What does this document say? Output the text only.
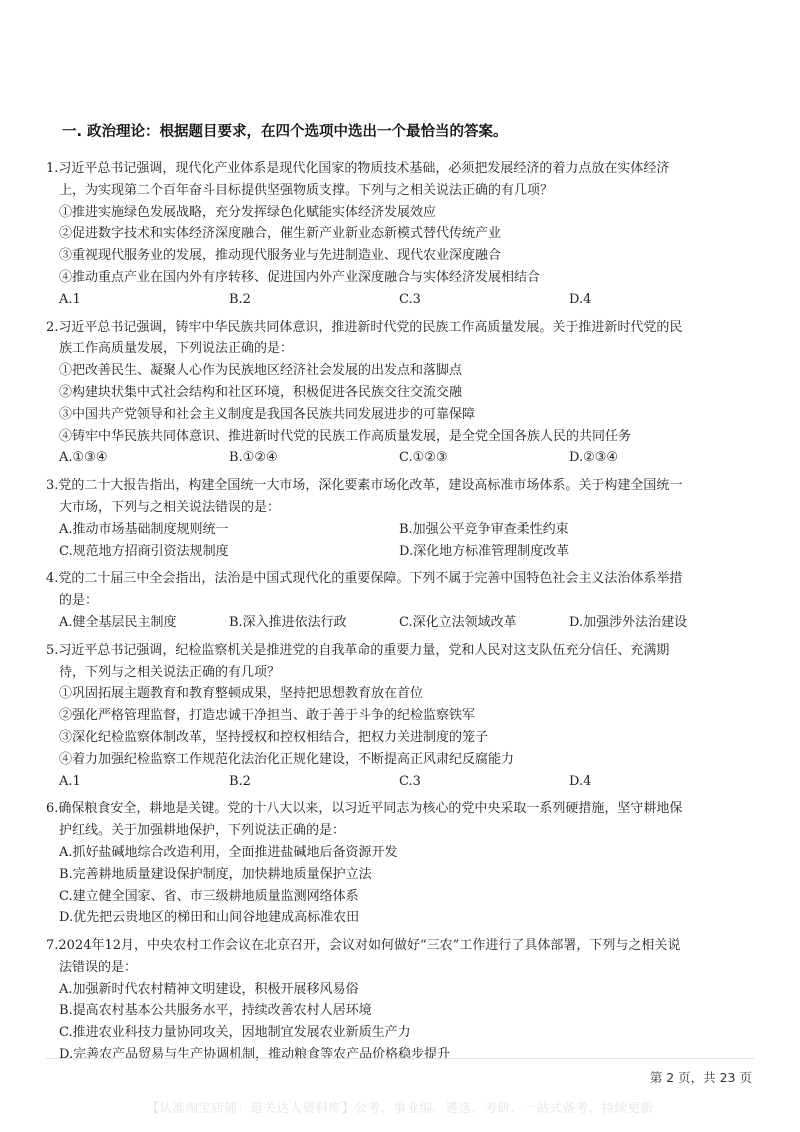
一. 政治理论：根据题目要求，在四个选项中选出一个最恰当的答案。
1.习近平总书记强调，现代化产业体系是现代化国家的物质技术基础，必须把发展经济的着力点放在实体经济
上，为实现第二个百年奋斗目标提供坚强物质支撑。下列与之相关说法正确的有几项？
①推进实施绿色发展战略，充分发挥绿色化赋能实体经济发展效应
②促进数字技术和实体经济深度融合，催生新产业新业态新模式替代传统产业
③重视现代服务业的发展，推动现代服务业与先进制造业、现代农业深度融合
④推动重点产业在国内外有序转移、促进国内外产业深度融合与实体经济发展相结合
A.1	B.2	C.3	D.4
2.习近平总书记强调，铸牢中华民族共同体意识，推进新时代党的民族工作高质量发展。关于推进新时代党的民
族工作高质量发展，下列说法正确的是：
①把改善民生、凝聚人心作为民族地区经济社会发展的出发点和落脚点
②构建块状集中式社会结构和社区环境，积极促进各民族交往交流交融
③中国共产党领导和社会主义制度是我国各民族共同发展进步的可靠保障
④铸牢中华民族共同体意识、推进新时代党的民族工作高质量发展，是全党全国各族人民的共同任务
A.①③④	B.①②④	C.①②③	D.②③④
3.党的二十大报告指出，构建全国统一大市场，深化要素市场化改革，建设高标准市场体系。关于构建全国统一
大市场，下列与之相关说法错误的是：
A.推动市场基础制度规则统一	B.加强公平竞争审查柔性约束
C.规范地方招商引资法规制度	D.深化地方标准管理制度改革
4.党的二十届三中全会指出，法治是中国式现代化的重要保障。下列不属于完善中国特色社会主义法治体系举措
的是：
A.健全基层民主制度	B.深入推进依法行政	C.深化立法领域改革	D.加强涉外法治建设
5.习近平总书记强调，纪检监察机关是推进党的自我革命的重要力量，党和人民对这支队伍充分信任、充满期
待，下列与之相关说法正确的有几项？
①巩固拓展主题教育和教育整顿成果，坚持把思想教育放在首位
②强化严格管理监督，打造忠诚干净担当、敢于善于斗争的纪检监察铁军
③深化纪检监察体制改革，坚持授权和控权相结合，把权力关进制度的笼子
④着力加强纪检监察工作规范化法治化正规化建设，不断提高正风肃纪反腐能力
A.1	B.2	C.3	D.4
6.确保粮食安全，耕地是关键。党的十八大以来，以习近平同志为核心的党中央采取一系列硬措施，坚守耕地保
护红线。关于加强耕地保护，下列说法正确的是：
A.抓好盐碱地综合改造利用，全面推进盐碱地后备资源开发
B.完善耕地质量建设保护制度，加快耕地质量保护立法
C.建立健全国家、省、市三级耕地质量监测网络体系
D.优先把云贵地区的梯田和山间谷地建成高标准农田
7.2024年12月，中央农村工作会议在北京召开，会议对如何做好“三农”工作进行了具体部署，下列与之相关说
法错误的是：
A.加强新时代农村精神文明建设，积极开展移风易俗
B.提高农村基本公共服务水平，持续改善农村人居环境
C.推进农业科技力量协同攻关，因地制宜发展农业新质生产力
D.完善农产品贸易与生产协调机制，推动粮食等农产品价格稳步提升
第 2 页，共 23 页
【认准淘宝店铺：道关达人资料库】公考、事业编、遴选、考研、一站式备考、持续更新
